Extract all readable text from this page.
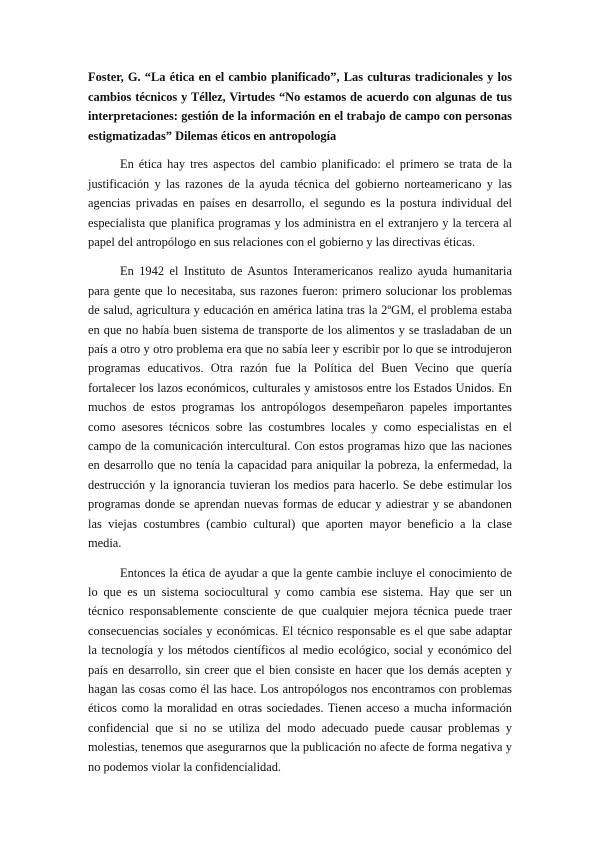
Foster, G. “La ética en el cambio planificado”, Las culturas tradicionales y los cambios técnicos y Téllez, Virtudes “No estamos de acuerdo con algunas de tus interpretaciones: gestión de la información en el trabajo de campo con personas estigmatizadas” Dilemas éticos en antropología

En ética hay tres aspectos del cambio planificado: el primero se trata de la justificación y las razones de la ayuda técnica del gobierno norteamericano y las agencias privadas en países en desarrollo, el segundo es la postura individual del especialista que planifica programas y los administra en el extranjero y la tercera al papel del antropólogo en sus relaciones con el gobierno y las directivas éticas.

En 1942 el Instituto de Asuntos Interamericanos realizo ayuda humanitaria para gente que lo necesitaba, sus razones fueron: primero solucionar los problemas de salud, agricultura y educación en américa latina tras la 2ºGM, el problema estaba en que no había buen sistema de transporte de los alimentos y se trasladaban de un país a otro y otro problema era que no sabía leer y escribir por lo que se introdujeron programas educativos. Otra razón fue la Política del Buen Vecino que quería fortalecer los lazos económicos, culturales y amistosos entre los Estados Unidos. En muchos de estos programas los antropólogos desempeñaron papeles importantes como asesores técnicos sobre las costumbres locales y como especialistas en el campo de la comunicación intercultural. Con estos programas hizo que las naciones en desarrollo que no tenía la capacidad para aniquilar la pobreza, la enfermedad, la destrucción y la ignorancia tuvieran los medios para hacerlo. Se debe estimular los programas donde se aprendan nuevas formas de educar y adiestrar y se abandonen las viejas costumbres (cambio cultural) que aporten mayor beneficio a la clase media.

Entonces la ética de ayudar a que la gente cambie incluye el conocimiento de lo que es un sistema sociocultural y como cambia ese sistema. Hay que ser un técnico responsablemente consciente de que cualquier mejora técnica puede traer consecuencias sociales y económicas. El técnico responsable es el que sabe adaptar la tecnología y los métodos científicos al medio ecológico, social y económico del país en desarrollo, sin creer que el bien consiste en hacer que los demás acepten y hagan las cosas como él las hace. Los antropólogos nos encontramos con problemas éticos como la moralidad en otras sociedades. Tienen acceso a mucha información confidencial que si no se utiliza del modo adecuado puede causar problemas y molestias, tenemos que asegurarnos que la publicación no afecte de forma negativa y no podemos violar la confidencialidad.
